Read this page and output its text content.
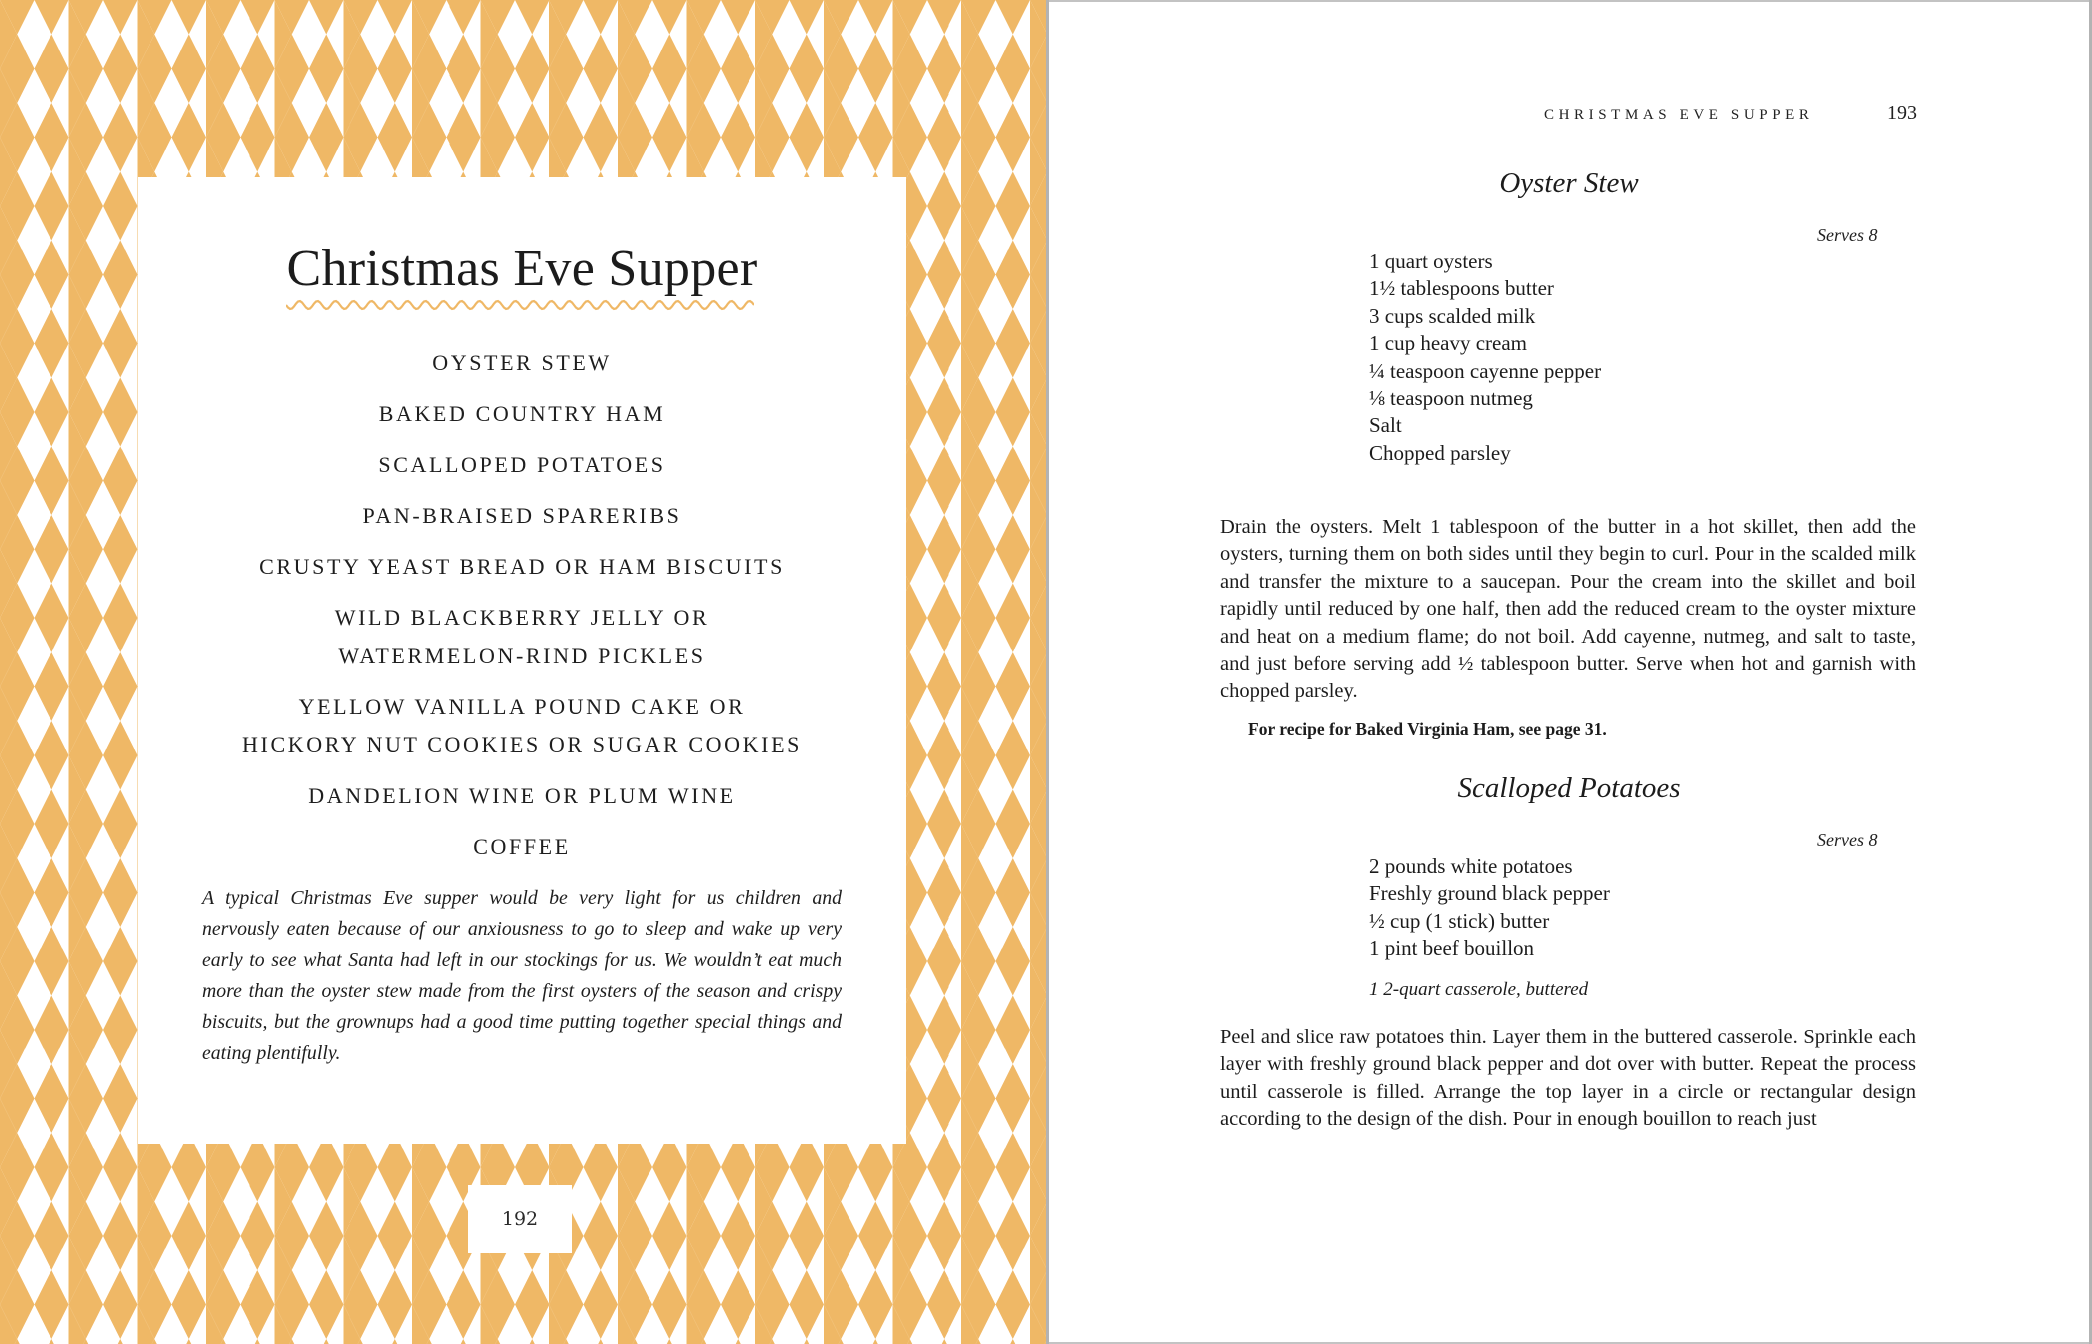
Christmas Eve Supper
OYSTER STEW
BAKED COUNTRY HAM
SCALLOPED POTATOES
PAN-BRAISED SPARERIBS
CRUSTY YEAST BREAD OR HAM BISCUITS
WILD BLACKBERRY JELLY OR
WATERMELON-RIND PICKLES
YELLOW VANILLA POUND CAKE OR
HICKORY NUT COOKIES OR SUGAR COOKIES
DANDELION WINE OR PLUM WINE
COFFEE

A typical Christmas Eve supper would be very light for us children and nervously eaten because of our anxiousness to go to sleep and wake up very early to see what Santa had left in our stockings for us. We wouldn’t eat much more than the oyster stew made from the first oysters of the season and crispy biscuits, but the grownups had a good time putting together special things and eating plentifully.

192
CHRISTMAS EVE SUPPER	193
Oyster Stew
Serves 8
1 quart oysters
1½ tablespoons butter
3 cups scalded milk
1 cup heavy cream
¼ teaspoon cayenne pepper
⅛ teaspoon nutmeg
Salt
Chopped parsley

Drain the oysters. Melt 1 tablespoon of the butter in a hot skillet, then add the oysters, turning them on both sides until they begin to curl. Pour in the scalded milk and transfer the mixture to a saucepan. Pour the cream into the skillet and boil rapidly until reduced by one half, then add the reduced cream to the oyster mixture and heat on a medium flame; do not boil. Add cayenne, nutmeg, and salt to taste, and just before serving add ½ tablespoon butter. Serve when hot and garnish with chopped parsley.

For recipe for Baked Virginia Ham, see page 31.

Scalloped Potatoes
Serves 8
2 pounds white potatoes
Freshly ground black pepper
½ cup (1 stick) butter
1 pint beef bouillon

1 2-quart casserole, buttered

Peel and slice raw potatoes thin. Layer them in the buttered casserole. Sprinkle each layer with freshly ground black pepper and dot over with butter. Repeat the process until casserole is filled. Arrange the top layer in a circle or rectangular design according to the design of the dish. Pour in enough bouillon to reach just
